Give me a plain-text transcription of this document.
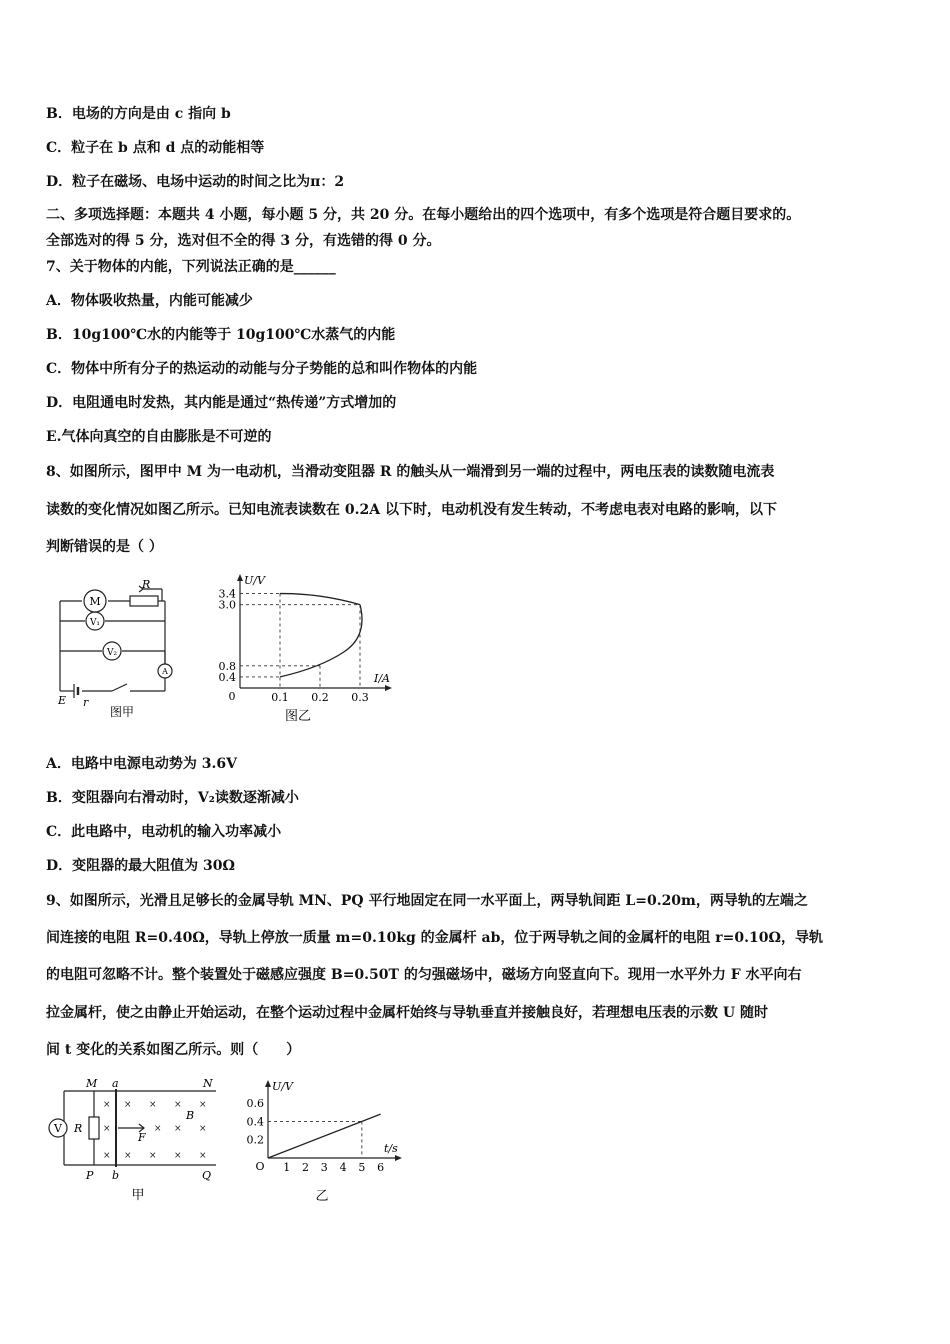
B．电场的方向是由 c 指向 b
C．粒子在 b 点和 d 点的动能相等
D．粒子在磁场、电场中运动的时间之比为π：2
二、多项选择题：本题共 4 小题，每小题 5 分，共 20 分。在每小题给出的四个选项中，有多个选项是符合题目要求的。
全部选对的得 5 分，选对但不全的得 3 分，有选错的得 0 分。
7、关于物体的内能，下列说法正确的是______
A．物体吸收热量，内能可能减少
B．10g100℃水的内能等于 10g100℃水蒸气的内能
C．物体中所有分子的热运动的动能与分子势能的总和叫作物体的内能
D．电阻通电时发热，其内能是通过“热传递”方式增加的
E.气体向真空的自由膨胀是不可逆的
8、如图所示，图甲中 M 为一电动机，当滑动变阻器 R 的触头从一端滑到另一端的过程中，两电压表的读数随电流表
读数的变化情况如图乙所示。已知电流表读数在 0.2A 以下时，电动机没有发生转动，不考虑电表对电路的影响，以下
判断错误的是（ ）
M
R
V₁
V₂
A
E r
图甲
I/A
U/V
0	0.1 0.2 0.3
0.4
0.8
3.0
3.4
图乙
A．电路中电源电动势为 3.6V
B．变阻器向右滑动时，V₂读数逐渐减小
C．此电路中，电动机的输入功率减小
D．变阻器的最大阻值为 30Ω
9、如图所示，光滑且足够长的金属导轨 MN、PQ 平行地固定在同一水平面上，两导轨间距 L=0.20m，两导轨的左端之
间连接的电阻 R=0.40Ω，导轨上停放一质量 m=0.10kg 的金属杆 ab，位于两导轨之间的金属杆的电阻 r=0.10Ω，导轨
的电阻可忽略不计。整个装置处于磁感应强度 B=0.50T 的匀强磁场中，磁场方向竖直向下。现用一水平外力 F 水平向右
拉金属杆，使之由静止开始运动，在整个运动过程中金属杆始终与导轨垂直并接触良好，若理想电压表的示数 U 随时
间 t 变化的关系如图乙所示。则（　　）
V R
M a	N
P b	Q
B
F
×
×
×
× × × ×
× × ×
× × × ×
甲
t/s
U/V
O 1 2 3 4 5 6
0.2
0.4
0.6
乙
